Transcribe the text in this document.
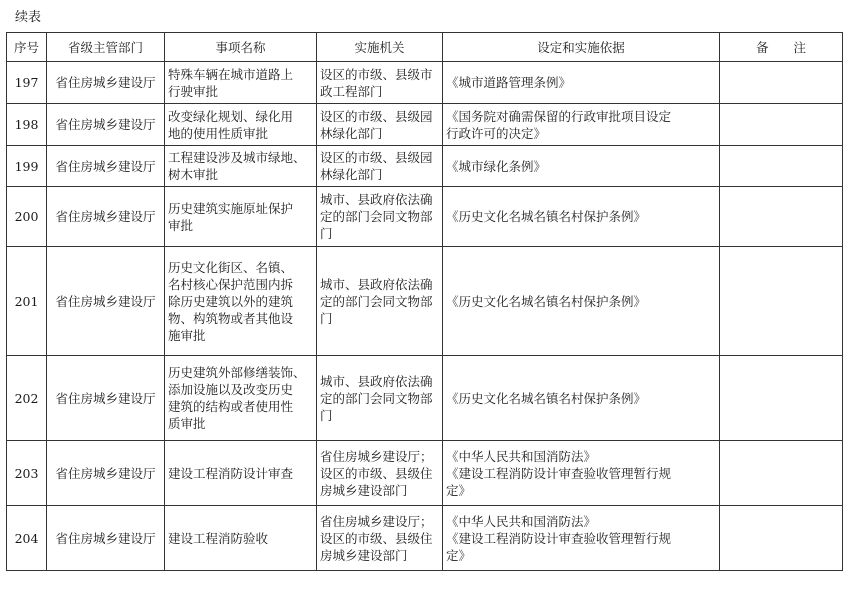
续表
序号	省级主管部门	事项名称	实施机关	设定和实施依据	备　　注
197	省住房城乡建设厅	特殊车辆在城市道路上
行驶审批	设区的市级、县级市
政工程部门	《城市道路管理条例》	

198	省住房城乡建设厅	改变绿化规划、绿化用
地的使用性质审批	设区的市级、县级园
林绿化部门	《国务院对确需保留的行政审批项目设定
行政许可的决定》	

199	省住房城乡建设厅	工程建设涉及城市绿地、
树木审批	设区的市级、县级园
林绿化部门	《城市绿化条例》	

200	省住房城乡建设厅	历史建筑实施原址保护
审批	城市、县政府依法确
定的部门会同文物部
门	《历史文化名城名镇名村保护条例》	

201	省住房城乡建设厅	历史文化街区、名镇、
名村核心保护范围内拆
除历史建筑以外的建筑
物、构筑物或者其他设
施审批	城市、县政府依法确
定的部门会同文物部
门	《历史文化名城名镇名村保护条例》	

202	省住房城乡建设厅	历史建筑外部修缮装饰、
添加设施以及改变历史
建筑的结构或者使用性
质审批	城市、县政府依法确
定的部门会同文物部
门	《历史文化名城名镇名村保护条例》	

203	省住房城乡建设厅	建设工程消防设计审查	省住房城乡建设厅；
设区的市级、县级住
房城乡建设部门	《中华人民共和国消防法》
《建设工程消防设计审查验收管理暂行规
定》	

204	省住房城乡建设厅	建设工程消防验收	省住房城乡建设厅；
设区的市级、县级住
房城乡建设部门	《中华人民共和国消防法》
《建设工程消防设计审查验收管理暂行规
定》	
